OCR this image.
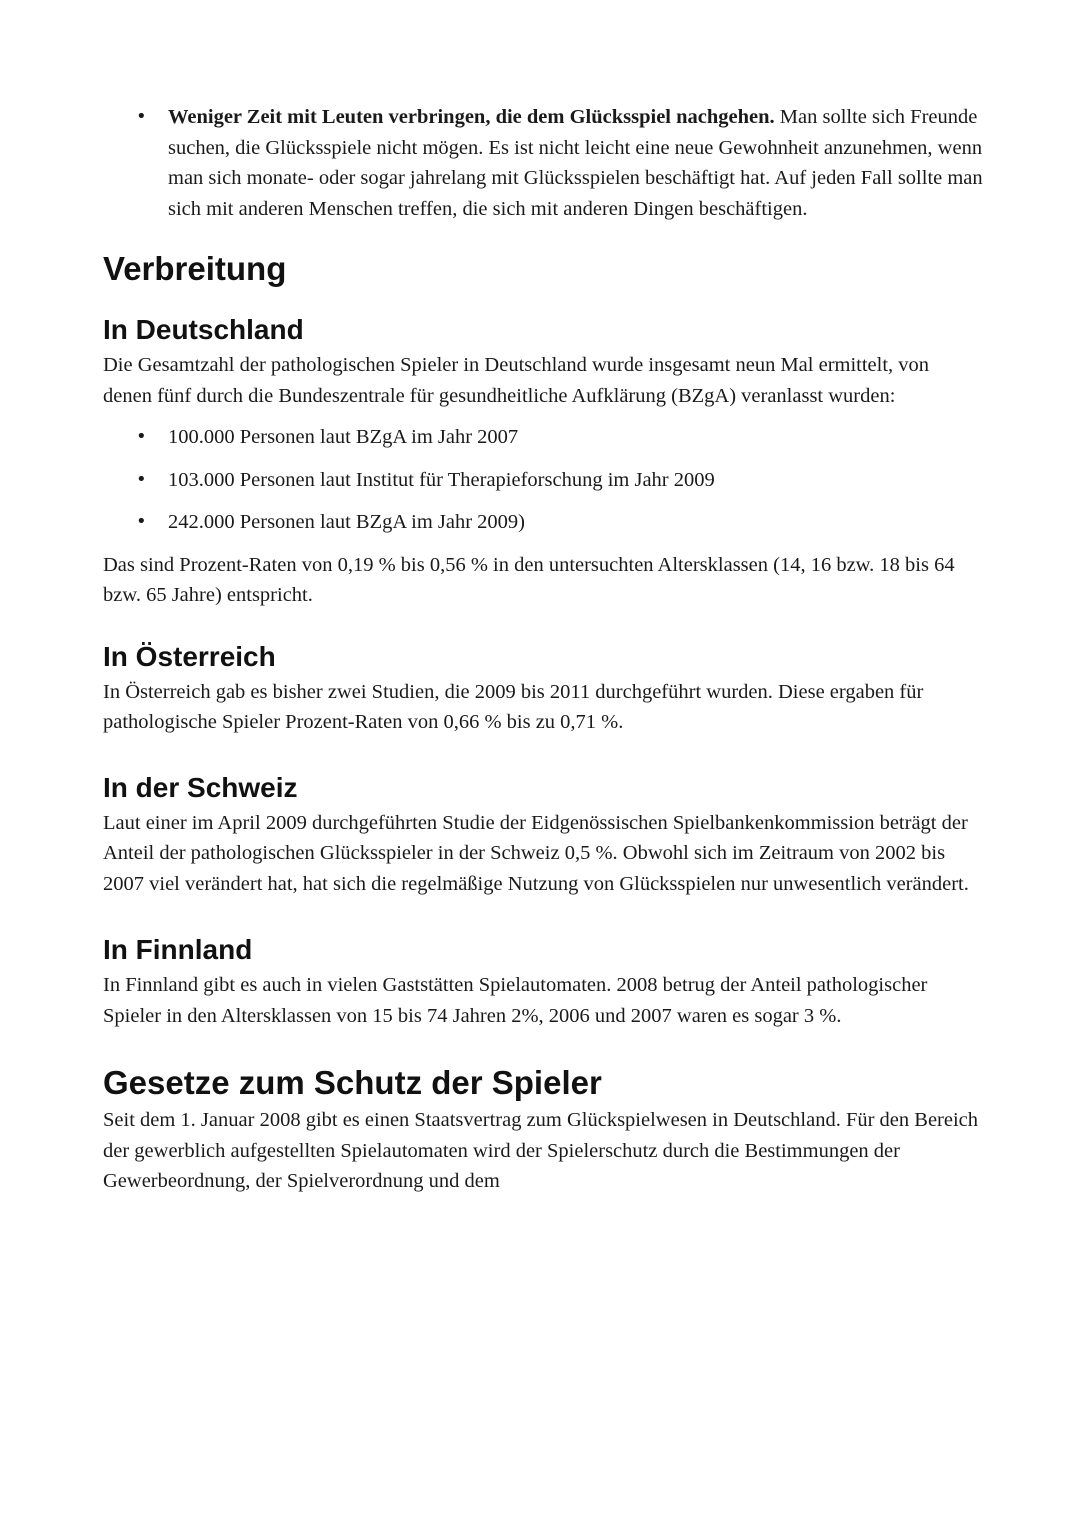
• Weniger Zeit mit Leuten verbringen, die dem Glücksspiel nachgehen. Man sollte sich Freunde suchen, die Glücksspiele nicht mögen. Es ist nicht leicht eine neue Gewohnheit anzunehmen, wenn man sich monate- oder sogar jahrelang mit Glücksspielen beschäftigt hat. Auf jeden Fall sollte man sich mit anderen Menschen treffen, die sich mit anderen Dingen beschäftigen.
Verbreitung
In Deutschland

Die Gesamtzahl der pathologischen Spieler in Deutschland wurde insgesamt neun Mal ermittelt, von denen fünf durch die Bundeszentrale für gesundheitliche Aufklärung (BZgA) veranlasst wurden:

• 100.000 Personen laut BZgA im Jahr 2007
• 103.000 Personen laut Institut für Therapieforschung im Jahr 2009
• 242.000 Personen laut BZgA im Jahr 2009)

Das sind Prozent-Raten von 0,19 % bis 0,56 % in den untersuchten Altersklassen (14, 16 bzw. 18 bis 64 bzw. 65 Jahre) entspricht.

In Österreich

In Österreich gab es bisher zwei Studien, die 2009 bis 2011 durchgeführt wurden. Diese ergaben für pathologische Spieler Prozent-Raten von 0,66 % bis zu 0,71 %.

In der Schweiz

Laut einer im April 2009 durchgeführten Studie der Eidgenössischen Spielbankenkommission beträgt der Anteil der pathologischen Glücksspieler in der Schweiz 0,5 %. Obwohl sich im Zeitraum von 2002 bis 2007 viel verändert hat, hat sich die regelmäßige Nutzung von Glücksspielen nur unwesentlich verändert.

In Finnland

In Finnland gibt es auch in vielen Gaststätten Spielautomaten. 2008 betrug der Anteil pathologischer Spieler in den Altersklassen von 15 bis 74 Jahren 2%, 2006 und 2007 waren es sogar 3 %.

Gesetze zum Schutz der Spieler

Seit dem 1. Januar 2008 gibt es einen Staatsvertrag zum Glückspielwesen in Deutschland. Für den Bereich der gewerblich aufgestellten Spielautomaten wird der Spielerschutz durch die Bestimmungen der Gewerbeordnung, der Spielverordnung und dem
